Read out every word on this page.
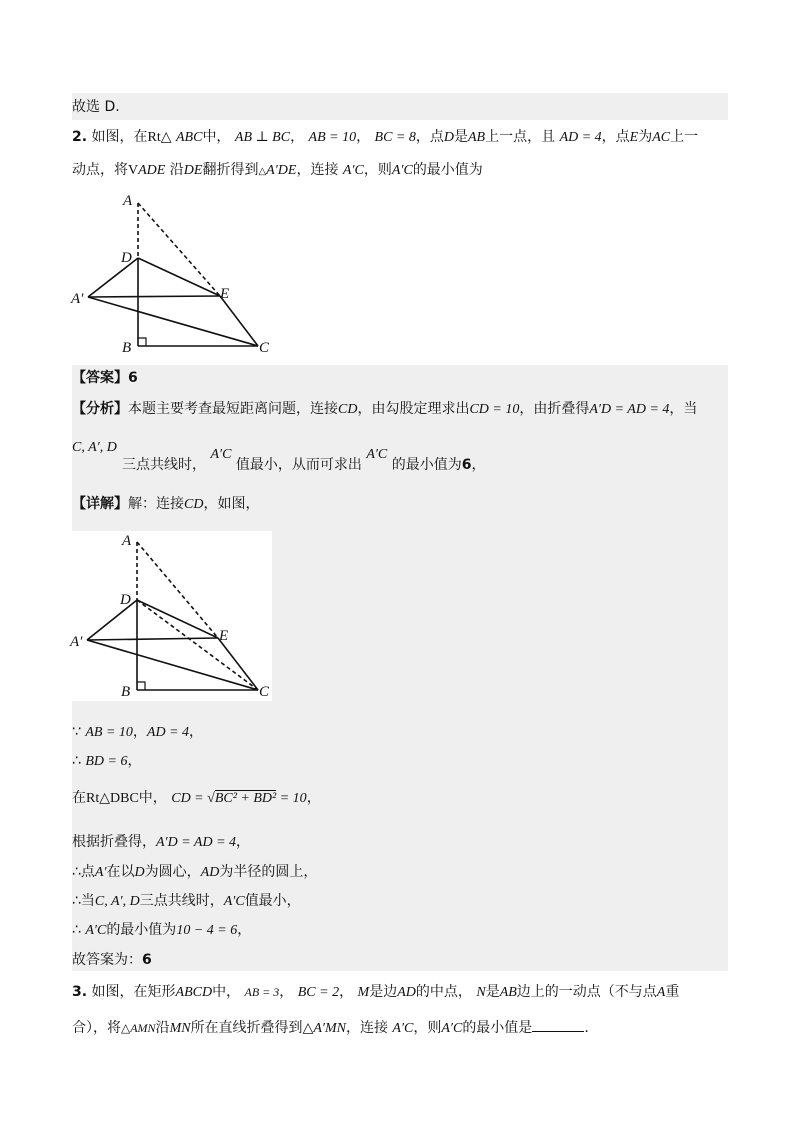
故选 D.
2. 如图，在Rt△ ABC中， AB ⊥ BC， AB = 10， BC = 8，点D是AB上一点，且 AD = 4，点E为AC上一
动点，将VADE 沿DE翻折得到△A′DE，连接 A′C，则A′C的最小值为
A
D
A′	E
B	C
【答案】6
【分析】本题主要考查最短距离问题，连接CD，由勾股定理求出CD = 10，由折叠得A′D = AD = 4，当
C, A′, D
三点共线时， A′C 值最小，从而可求出 A′C 的最小值为6，
【详解】解：连接CD，如图，
A
D
A′	E
B	C
∵ AB = 10，AD = 4，
∴ BD = 6，
在Rt△DBC中， CD = √BC² + BD² = 10，
根据折叠得，A′D = AD = 4，
∴点A′在以D为圆心，AD为半径的圆上，
∴当C, A′, D三点共线时，A′C值最小，
∴ A′C的最小值为10 − 4 = 6，
故答案为：6
3. 如图，在矩形ABCD中， AB = 3， BC = 2， M是边AD的中点， N是AB边上的一动点（不与点A重
合），将△AMN沿MN所在直线折叠得到△A′MN，连接 A′C，则A′C的最小值是	.
